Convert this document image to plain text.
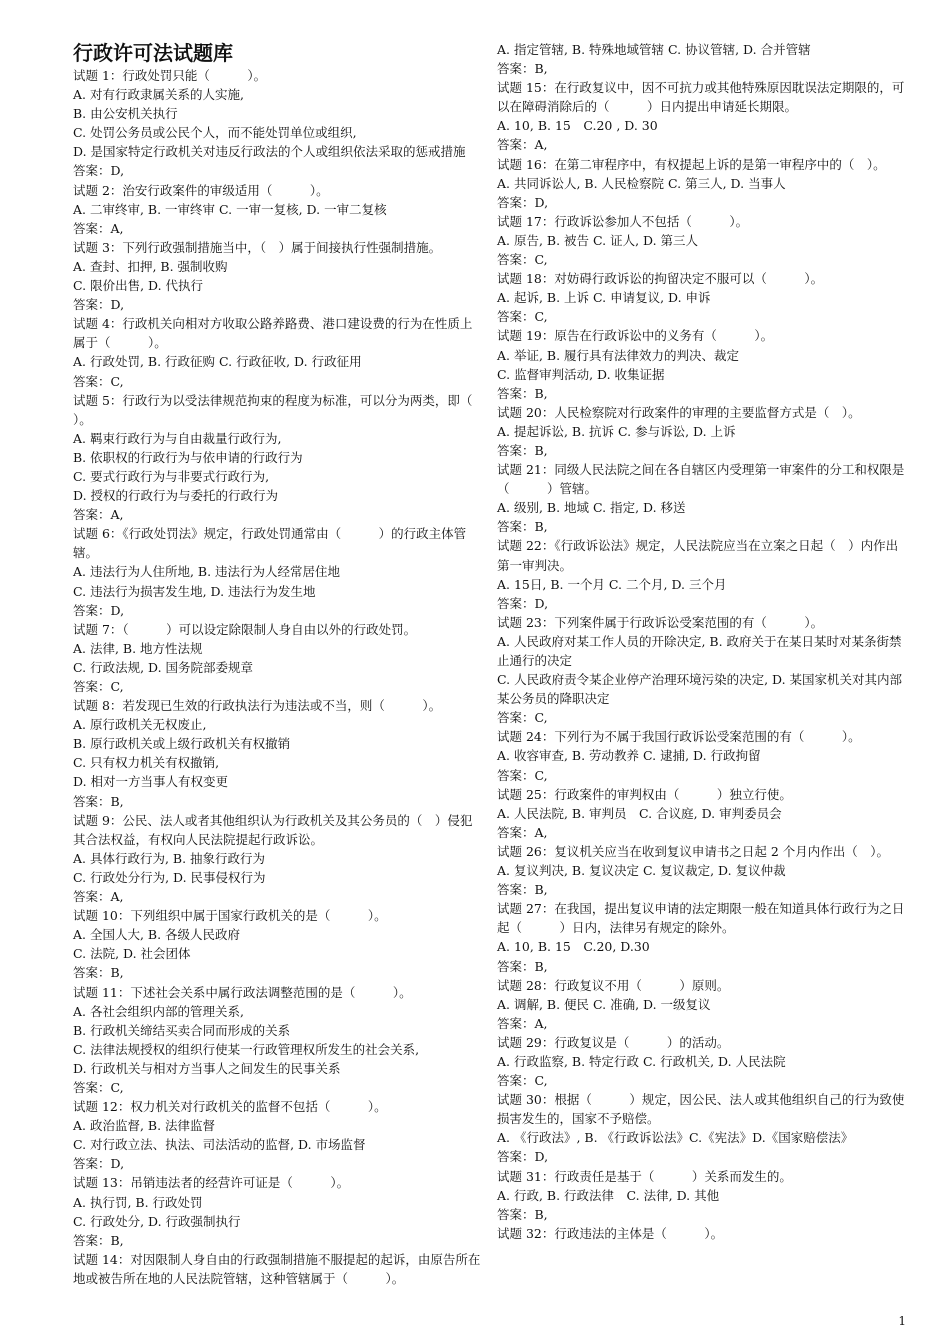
行政许可法试题库

试题 1：行政处罚只能（　　　）。

A. 对有行政隶属关系的人实施,

B. 由公安机关执行

C. 处罚公务员或公民个人，而不能处罚单位或组织,

D. 是国家特定行政机关对违反行政法的个人或组织依法采取的惩戒措施

答案：D,

试题 2：治安行政案件的审级适用（　　　）。

A. 二审终审, B. 一审终审 C. 一审一复核, D. 一审二复核

答案：A,

试题 3：下列行政强制措施当中，（　）属于间接执行性强制措施。

A. 查封、扣押, B. 强制收购

C. 限价出售, D. 代执行

答案：D,

试题 4：行政机关向相对方收取公路养路费、港口建设费的行为在性质上属于（　　　）。

A. 行政处罚, B. 行政征购 C. 行政征收, D. 行政征用

答案：C,

试题 5：行政行为以受法律规范拘束的程度为标准，可以分为两类，即（　　　）。

A. 羁束行政行为与自由裁量行政行为,

B. 依职权的行政行为与依申请的行政行为

C. 要式行政行为与非要式行政行为,

D. 授权的行政行为与委托的行政行为

答案：A,

试题 6：《行政处罚法》规定，行政处罚通常由（　　　）的行政主体管辖。

A. 违法行为人住所地, B. 违法行为人经常居住地

C. 违法行为损害发生地, D. 违法行为发生地

答案：D,

试题 7：（　　　）可以设定除限制人身自由以外的行政处罚。

A. 法律, B. 地方性法规

C. 行政法规, D. 国务院部委规章

答案：C,

试题 8：若发现已生效的行政执法行为违法或不当，则（　　　）。

A. 原行政机关无权废止,

B. 原行政机关或上级行政机关有权撤销

C. 只有权力机关有权撤销,

D. 相对一方当事人有权变更

答案：B,

试题 9：公民、法人或者其他组织认为行政机关及其公务员的（　）侵犯其合法权益，有权向人民法院提起行政诉讼。

A. 具体行政行为, B. 抽象行政行为

C. 行政处分行为, D. 民事侵权行为

答案：A,

试题 10：下列组织中属于国家行政机关的是（　　　）。

A. 全国人大, B. 各级人民政府

C. 法院, D. 社会团体

答案：B,

试题 11：下述社会关系中属行政法调整范围的是（　　　）。

A. 各社会组织内部的管理关系,

B. 行政机关缔结买卖合同而形成的关系

C. 法律法规授权的组织行使某一行政管理权所发生的社会关系,

D. 行政机关与相对方当事人之间发生的民事关系

答案：C,

试题 12：权力机关对行政机关的监督不包括（　　　）。

A. 政治监督, B. 法律监督

C. 对行政立法、执法、司法活动的监督, D. 市场监督

答案：D,

试题 13：吊销违法者的经营许可证是（　　　）。

A. 执行罚, B. 行政处罚

C. 行政处分, D. 行政强制执行

答案：B,

试题 14：对因限制人身自由的行政强制措施不服提起的起诉，由原告所在地或被告所在地的人民法院管辖，这种管辖属于（　　　）。

A. 指定管辖, B. 特殊地域管辖 C. 协议管辖, D. 合并管辖

答案：B,

试题 15：在行政复议中，因不可抗力或其他特殊原因耽误法定期限的，可以在障碍消除后的（　　　）日内提出申请延长期限。

A. 10, B. 15　C.20 , D. 30

答案：A,

试题 16：在第二审程序中，有权提起上诉的是第一审程序中的（　）。

A. 共同诉讼人, B. 人民检察院 C. 第三人, D. 当事人

答案：D,

试题 17：行政诉讼参加人不包括（　　　）。

A. 原告, B. 被告 C. 证人, D. 第三人

答案：C,

试题 18：对妨碍行政诉讼的拘留决定不服可以（　　　）。

A. 起诉, B. 上诉 C. 申请复议, D. 申诉

答案：C,

试题 19：原告在行政诉讼中的义务有（　　　）。

A. 举证, B. 履行具有法律效力的判决、裁定

C. 监督审判活动, D. 收集证据

答案：B,

试题 20：人民检察院对行政案件的审理的主要监督方式是（　）。

A. 提起诉讼, B. 抗诉 C. 参与诉讼, D. 上诉

答案：B,

试题 21：同级人民法院之间在各自辖区内受理第一审案件的分工和权限是（　　　）管辖。

A. 级别, B. 地域 C. 指定, D. 移送

答案：B,

试题 22：《行政诉讼法》规定，人民法院应当在立案之日起（　）内作出第一审判决。

A. 15日, B. 一个月 C. 二个月, D. 三个月

答案：D,

试题 23：下列案件属于行政诉讼受案范围的有（　　　）。

A. 人民政府对某工作人员的开除决定, B. 政府关于在某日某时对某条街禁止通行的决定

C. 人民政府责令某企业停产治理环境污染的决定, D. 某国家机关对其内部某公务员的降职决定

答案：C,

试题 24：下列行为不属于我国行政诉讼受案范围的有（　　　）。

A. 收容审查, B. 劳动教养 C. 逮捕, D. 行政拘留

答案：C,

试题 25：行政案件的审判权由（　　　）独立行使。

A. 人民法院, B. 审判员　C. 合议庭, D. 审判委员会

答案：A,

试题 26：复议机关应当在收到复议申请书之日起 2 个月内作出（　）。

A. 复议判决, B. 复议决定 C. 复议裁定, D. 复议仲裁

答案：B,

试题 27：在我国，提出复议申请的法定期限一般在知道具体行政行为之日起（　　　）日内，法律另有规定的除外。

A. 10, B. 15　C.20, D.30

答案：B,

试题 28：行政复议不用（　　　）原则。

A. 调解, B. 便民 C. 准确, D. 一级复议

答案：A,

试题 29：行政复议是（　　　）的活动。

A. 行政监察, B. 特定行政 C. 行政机关, D. 人民法院

答案：C,

试题 30：根据（　　　）规定，因公民、法人或其他组织自己的行为致使损害发生的，国家不予赔偿。

A. 《行政法》, B. 《行政诉讼法》C.《宪法》D.《国家赔偿法》

答案：D,

试题 31：行政责任是基于（　　　）关系而发生的。

A. 行政, B. 行政法律　C. 法律, D. 其他

答案：B,

试题 32：行政违法的主体是（　　　）。

1
